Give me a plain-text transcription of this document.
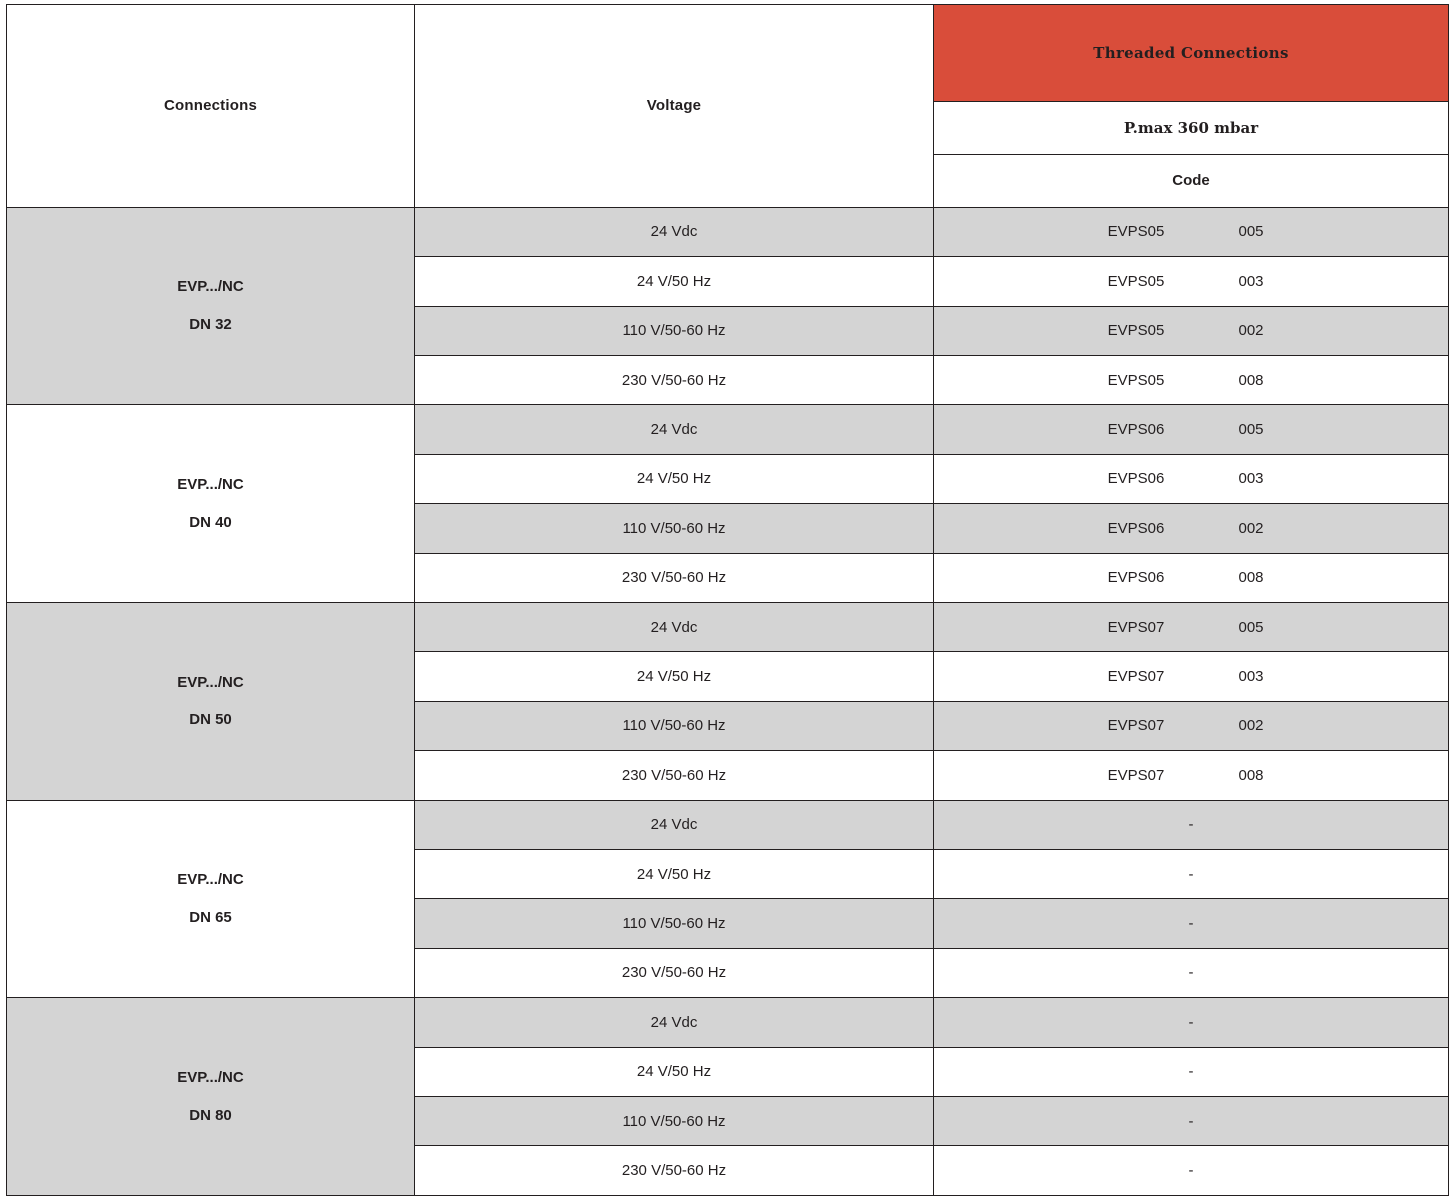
Connections	Voltage	Threaded Connections
		P.max 360 mbar
		Code

EVP.../NC
DN 32	24 Vdc	EVPS05 005

	24 V/50 Hz	EVPS05 003

	110 V/50-60 Hz	EVPS05 002

	230 V/50-60 Hz	EVPS05 008

EVP.../NC
DN 40	24 Vdc	EVPS06 005

	24 V/50 Hz	EVPS06 003

	110 V/50-60 Hz	EVPS06 002

	230 V/50-60 Hz	EVPS06 008

EVP.../NC
DN 50	24 Vdc	EVPS07 005

	24 V/50 Hz	EVPS07 003

	110 V/50-60 Hz	EVPS07 002

	230 V/50-60 Hz	EVPS07 008

EVP.../NC
DN 65	24 Vdc	-
	24 V/50 Hz	-
	110 V/50-60 Hz	-
	230 V/50-60 Hz	-

EVP.../NC
DN 80	24 Vdc	-
	24 V/50 Hz	-
	110 V/50-60 Hz	-
	230 V/50-60 Hz	-
